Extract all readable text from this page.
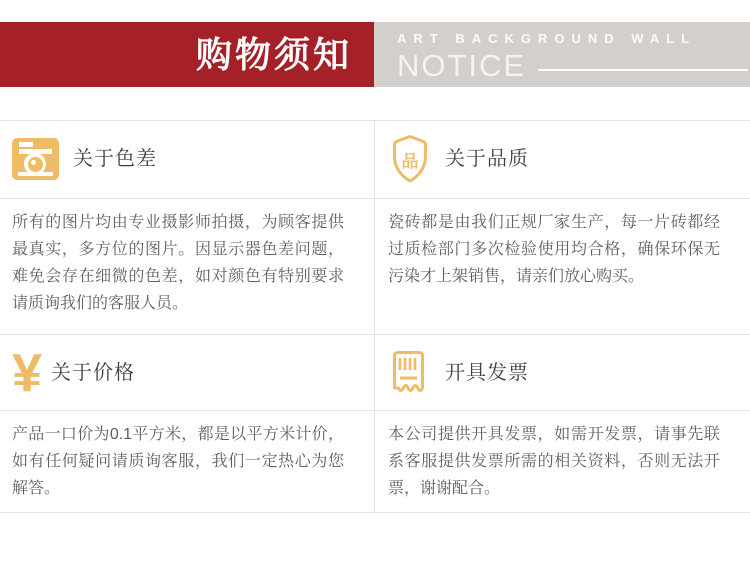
购物须知	ART BACKGROUND WALL
NOTICE
关于色差

所有的图片均由专业摄影师拍摄，为顾客提供最真实，多方位的图片。因显示器色差问题，难免会存在细微的色差，如对颜色有特别要求请质询我们的客服人员。

¥ 关于价格

产品一口价为0.1平方米，都是以平方米计价，如有任何疑问请质询客服，我们一定热心为您解答。

品	关于品质

瓷砖都是由我们正规厂家生产，每一片砖都经过质检部门多次检验使用均合格，确保环保无污染才上架销售，请亲们放心购买。

开具发票

本公司提供开具发票，如需开发票，请事先联系客服提供发票所需的相关资料，否则无法开票，谢谢配合。
